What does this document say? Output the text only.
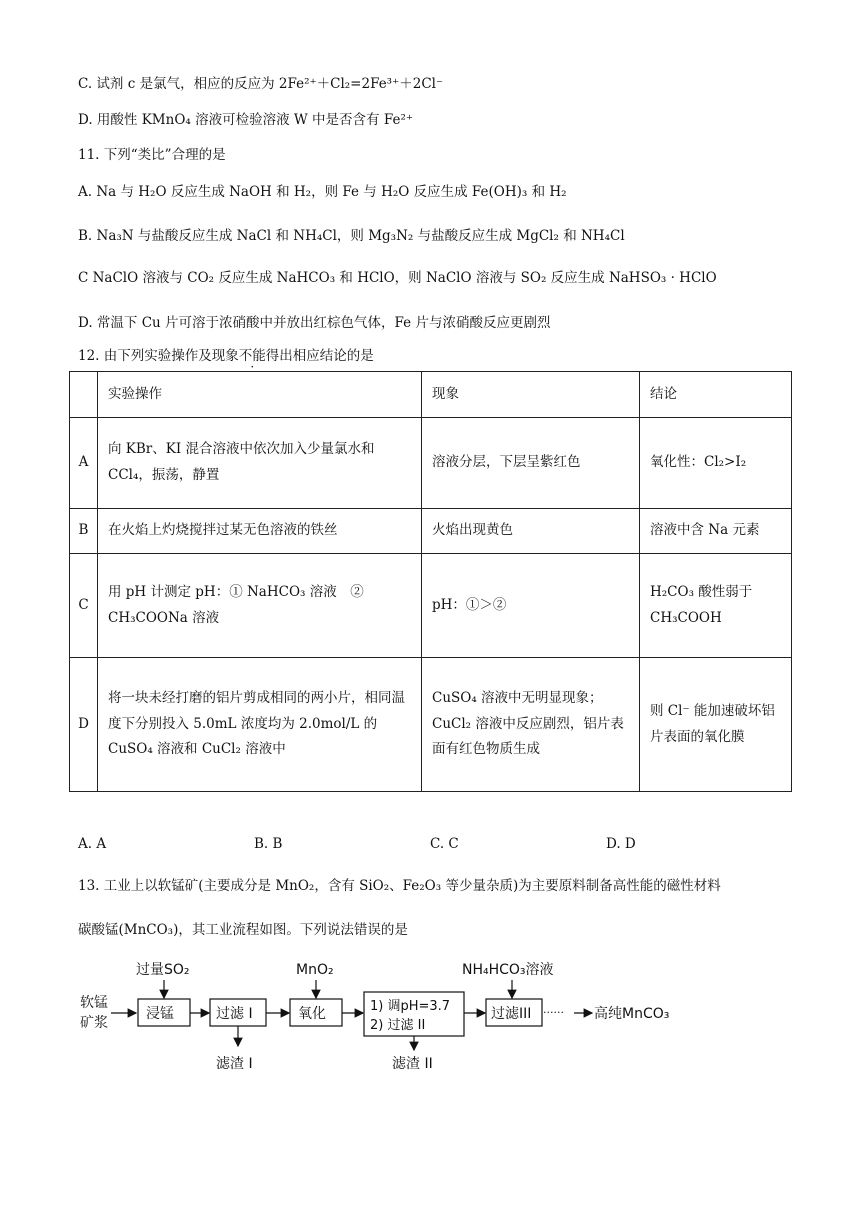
C. 试剂 c 是氯气，相应的反应为 2Fe²⁺＋Cl₂=2Fe³⁺＋2Cl⁻
D. 用酸性 KMnO₄ 溶液可检验溶液 W 中是否含有 Fe²⁺
11. 下列“类比”合理的是
A. Na 与 H₂O 反应生成 NaOH 和 H₂，则 Fe 与 H₂O 反应生成 Fe(OH)₃ 和 H₂
B. Na₃N 与盐酸反应生成 NaCl 和 NH₄Cl，则 Mg₃N₂ 与盐酸反应生成 MgCl₂ 和 NH₄Cl
C NaClO 溶液与 CO₂ 反应生成 NaHCO₃ 和 HClO，则 NaClO 溶液与 SO₂ 反应生成 NaHSO₃ · HClO
D. 常温下 Cu 片可溶于浓硝酸中并放出红棕色气体，Fe 片与浓硝酸反应更剧烈
12. 由下列实验操作及现象不能得出相应结论的是
	实验操作	现象	结论
A	向 KBr、KI 混合溶液中依次加入少量氯水和 CCl₄，振荡，静置	溶液分层，下层呈紫红色	氧化性：Cl₂>I₂
B	在火焰上灼烧搅拌过某无色溶液的铁丝	火焰出现黄色	溶液中含 Na 元素
C	用 pH 计测定 pH：① NaHCO₃ 溶液　② CH₃COONa 溶液	pH：①＞②	H₂CO₃ 酸性弱于 CH₃COOH
D	将一块未经打磨的铝片剪成相同的两小片，相同温度下分别投入 5.0mL 浓度均为 2.0mol/L 的 CuSO₄ 溶液和 CuCl₂ 溶液中	CuSO₄ 溶液中无明显现象；CuCl₂ 溶液中反应剧烈，铝片表面有红色物质生成	则 Cl⁻ 能加速破坏铝片表面的氧化膜
A. A	B. B	C. C	D. D
13. 工业上以软锰矿(主要成分是 MnO₂，含有 SiO₂、Fe₂O₃ 等少量杂质)为主要原料制备高性能的磁性材料
碳酸锰(MnCO₃)，其工业流程如图。下列说法错误的是
软锰
矿浆
过量SO₂
浸锰	过滤 I
滤渣 I
MnO₂
氧化	1) 调pH=3.7
2) 过滤 II
滤渣 II
NH₄HCO₃溶液
过滤III ······ 高纯MnCO₃
